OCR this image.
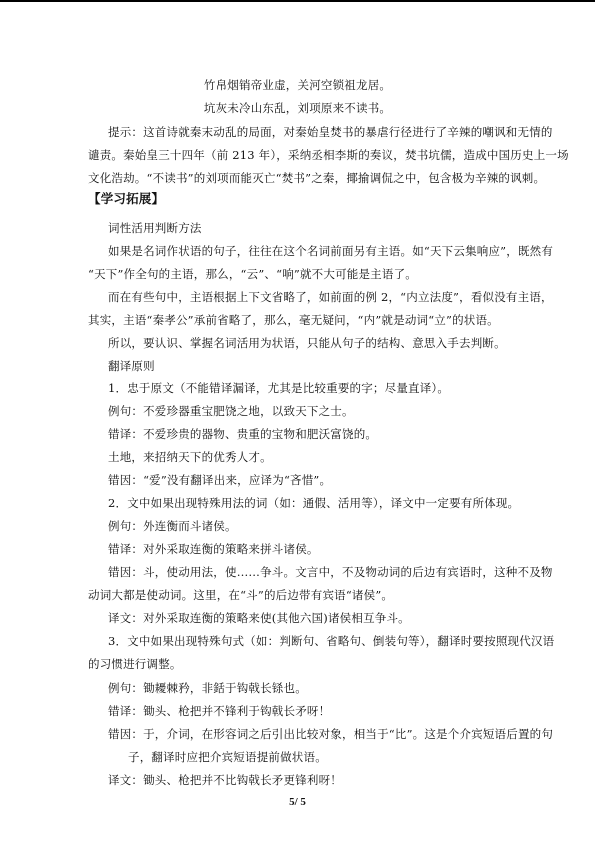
竹帛烟销帝业虚，关河空锁祖龙居。
坑灰未冷山东乱，刘项原来不读书。
提示：这首诗就秦末动乱的局面，对秦始皇焚书的暴虐行径进行了辛辣的嘲讽和无情的
谴责。秦始皇三十四年（前 213 年），采纳丞相李斯的奏议，焚书坑儒，造成中国历史上一场
文化浩劫。“不读书”的刘项而能灭亡“焚书”之秦，揶揄调侃之中，包含极为辛辣的讽刺。
【学习拓展】
词性活用判断方法
如果是名词作状语的句子，往往在这个名词前面另有主语。如“天下云集响应”，既然有
“天下”作全句的主语，那么，“云”、“响”就不大可能是主语了。
而在有些句中，主语根据上下文省略了，如前面的例 2，“内立法度”，看似没有主语，
其实，主语“秦孝公”承前省略了，那么，毫无疑问，“内”就是动词“立”的状语。
所以，要认识、掌握名词活用为状语，只能从句子的结构、意思入手去判断。
翻译原则
1．忠于原文（不能错译漏译，尤其是比较重要的字；尽量直译）。
例句：不爱珍器重宝肥饶之地，以致天下之士。
错译：不爱珍贵的器物、贵重的宝物和肥沃富饶的。
土地，来招纳天下的优秀人才。
错因：“爱”没有翻译出来，应译为“吝惜”。
2．文中如果出现特殊用法的词（如：通假、活用等），译文中一定要有所体现。
例句：外连衡而斗诸侯。
错译：对外采取连衡的策略来拼斗诸侯。
错因：斗，使动用法，使……争斗。文言中，不及物动词的后边有宾语时，这种不及物
动词大都是使动词。这里，在“斗”的后边带有宾语“诸侯”。
译文：对外采取连衡的策略来使(其他六国)诸侯相互争斗。
3．文中如果出现特殊句式（如：判断句、省略句、倒装句等），翻译时要按照现代汉语
的习惯进行调整。
例句：锄耰棘矜，非銛于钩戟长铩也。
错译：锄头、枪把并不锋利于钩戟长矛呀！
错因：于，介词，在形容词之后引出比较对象，相当于“比”。这是个介宾短语后置的句
子，翻译时应把介宾短语提前做状语。
译文：锄头、枪把并不比钩戟长矛更锋利呀！
5/ 5
